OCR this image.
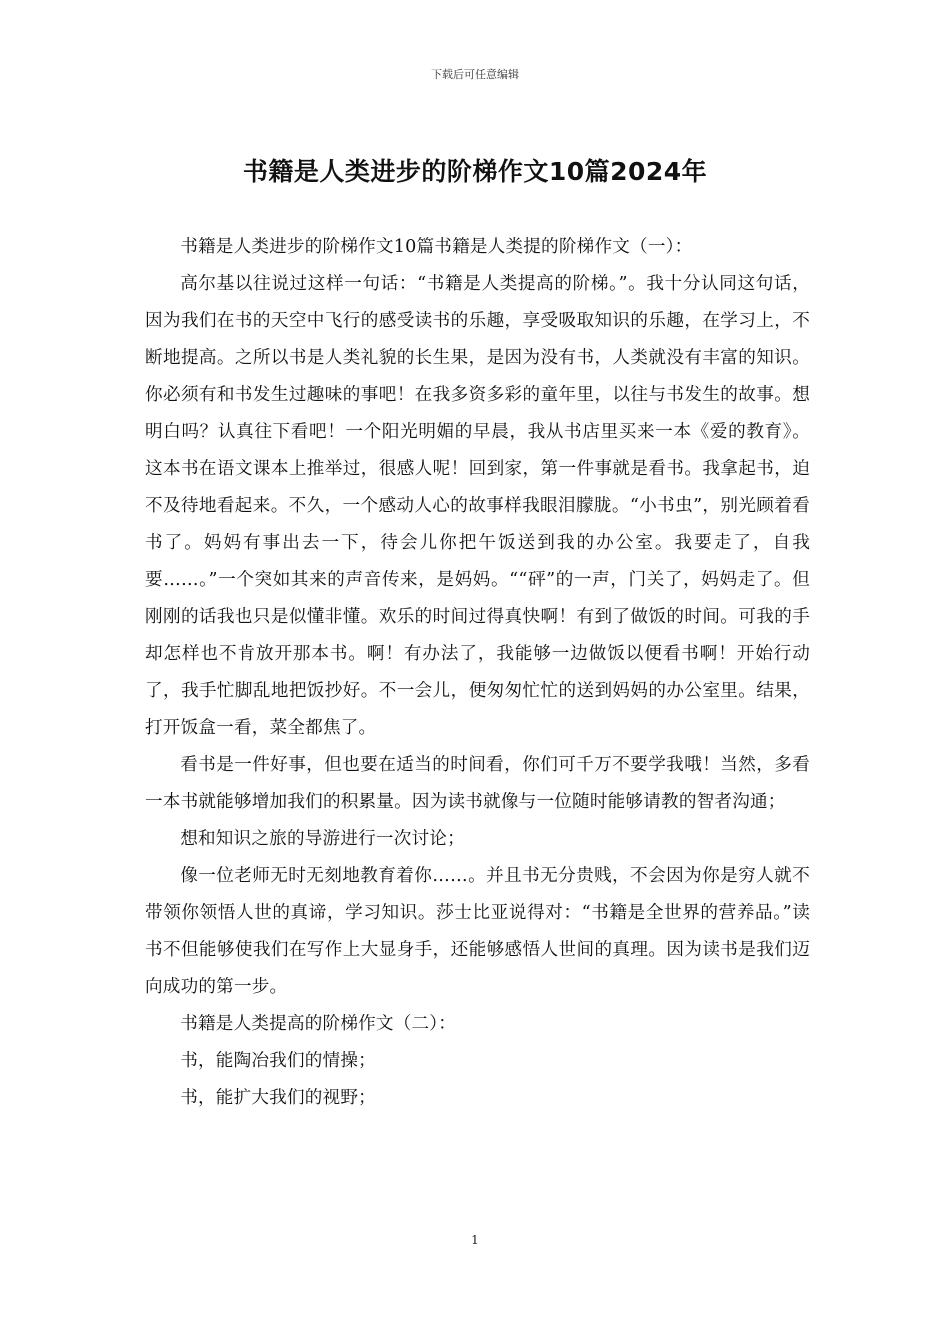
下载后可任意编辑
书籍是人类进步的阶梯作文10篇2024年

书籍是人类进步的阶梯作文10篇书籍是人类提的阶梯作文（一）：

高尔基以往说过这样一句话：“书籍是人类提高的阶梯。”。我十分认同这句话，因为我们在书的天空中飞行的感受读书的乐趣，享受吸取知识的乐趣，在学习上，不断地提高。之所以书是人类礼貌的长生果，是因为没有书，人类就没有丰富的知识。你必须有和书发生过趣味的事吧！在我多资多彩的童年里，以往与书发生的故事。想明白吗？认真往下看吧！一个阳光明媚的早晨，我从书店里买来一本《爱的教育》。这本书在语文课本上推举过，很感人呢！回到家，第一件事就是看书。我拿起书，迫不及待地看起来。不久，一个感动人心的故事样我眼泪朦胧。“小书虫”，别光顾着看书了。妈妈有事出去一下，待会儿你把午饭送到我的办公室。我要走了，自我要……。”一个突如其来的声音传来，是妈妈。““砰”的一声，门关了，妈妈走了。但刚刚的话我也只是似懂非懂。欢乐的时间过得真快啊！有到了做饭的时间。可我的手却怎样也不肯放开那本书。啊！有办法了，我能够一边做饭以便看书啊！开始行动了，我手忙脚乱地把饭抄好。不一会儿，便匆匆忙忙的送到妈妈的办公室里。结果，打开饭盒一看，菜全都焦了。

看书是一件好事，但也要在适当的时间看，你们可千万不要学我哦！当然，多看一本书就能够增加我们的积累量。因为读书就像与一位随时能够请教的智者沟通；

想和知识之旅的导游进行一次讨论；

像一位老师无时无刻地教育着你……。并且书无分贵贱，不会因为你是穷人就不带领你领悟人世的真谛，学习知识。莎士比亚说得对：“书籍是全世界的营养品。”读书不但能够使我们在写作上大显身手，还能够感悟人世间的真理。因为读书是我们迈向成功的第一步。

书籍是人类提高的阶梯作文（二）：

书，能陶冶我们的情操；

书，能扩大我们的视野；

1
